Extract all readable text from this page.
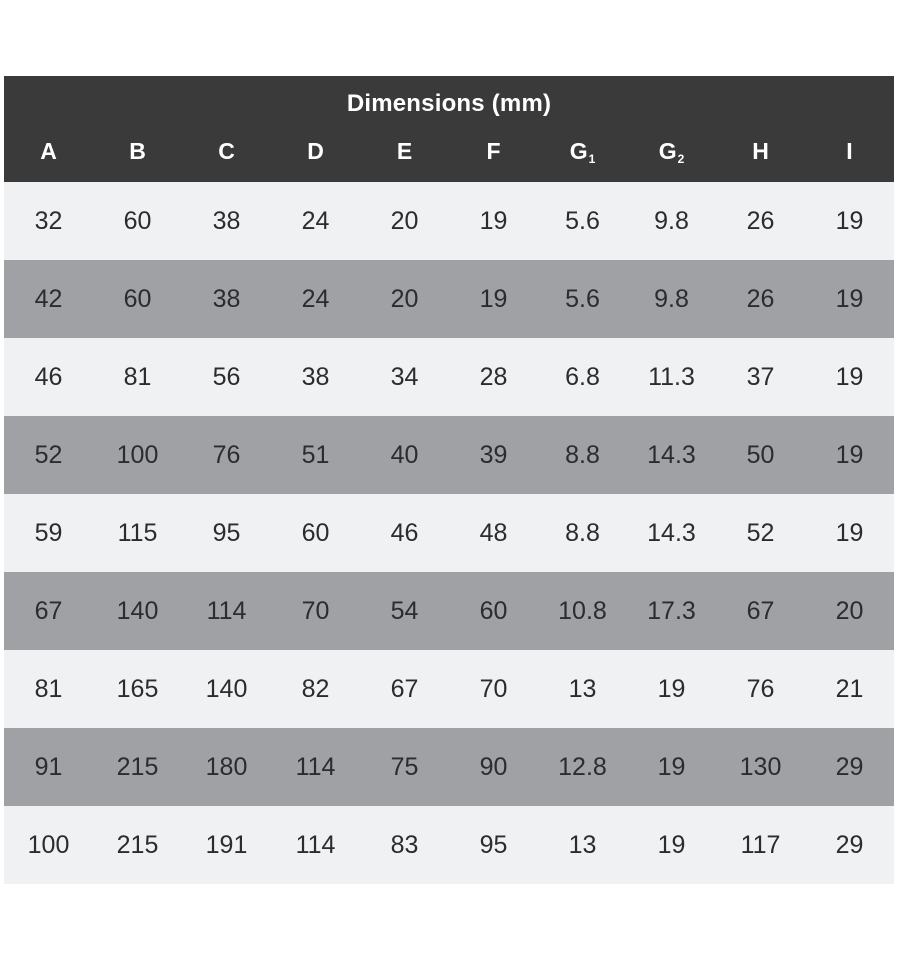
Dimensions (mm)
A	B	C	D	E	F	$G_1$	$G_2$	H	I
32	60	38	24	20	19	5.6	9.8	26	19
42	60	38	24	20	19	5.6	9.8	26	19
46	81	56	38	34	28	6.8	11.3	37	19
52	100	76	51	40	39	8.8	14.3	50	19
59	115	95	60	46	48	8.8	14.3	52	19
67	140	114	70	54	60	10.8	17.3	67	20
81	165	140	82	67	70	13	19	76	21
91	215	180	114	75	90	12.8	19	130	29
100	215	191	114	83	95	13	19	117	29
